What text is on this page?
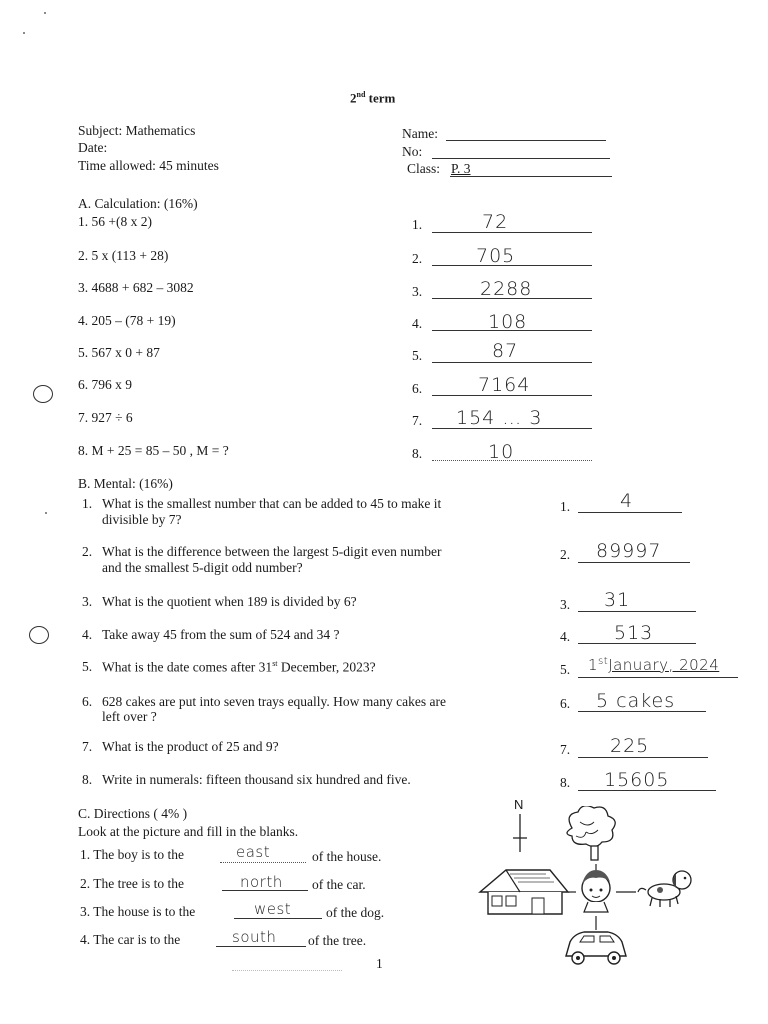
2nd term
Subject: Mathematics
Date:
Time allowed: 45 minutes
Name:
No:
Class: P. 3
A. Calculation: (16%)
1. 56 +(8 x 2)	1.	72
2. 5 x (113 + 28)	2.	705
3. 4688 + 682 – 3082	3.	2288
4. 205 – (78 + 19)	4.	108
5. 567 x 0 + 87	5.	87
6. 796 x 9	6.	7164
7. 927 ÷ 6	7. 154 … 3
8. M + 25 = 85 – 50 , M = ?	8.	10
B. Mental: (16%)
1. What is the smallest number that can be added to 45 to make it
divisible by 7?
1.	4
2. What is the difference between the largest 5-digit even number
and the smallest 5-digit odd number?
2. 89997
3. What is the quotient when 189 is divided by 6?	3. 31
4. Take away 45 from the sum of 524 and 34 ?	4. 513
5. What is the date comes after 31st December, 2023?	5. 1stJanuary, 2024
6. 628 cakes are put into seven trays equally. How many cakes are
left over ?
6. 5 cakes
7. What is the product of 25 and 9?	7. 225
8. Write in numerals: fifteen thousand six hundred and five.	8. 15605
C. Directions ( 4% )
Look at the picture and fill in the blanks.
1. The boy is to the	east	of the house.
2. The tree is to the	north of the car.
3. The house is to the	west	of the dog.
4. The car is to the	south of the tree.
N
1
